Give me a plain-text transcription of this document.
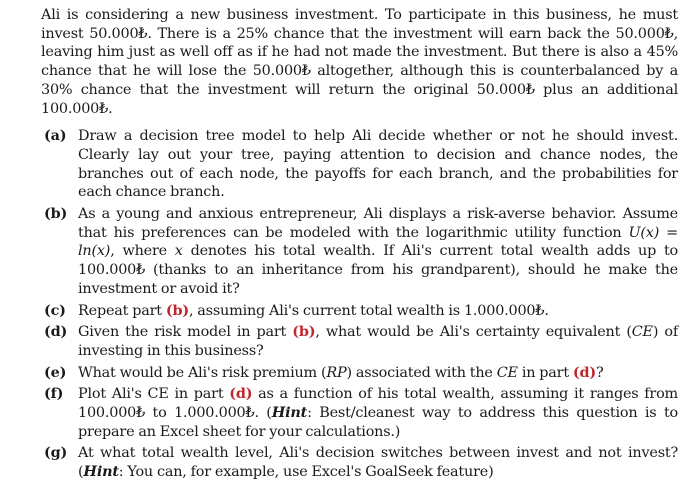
Ali is considering a new business investment. To participate in this business, he must invest 50.000₺. There is a 25% chance that the investment will earn back the 50.000₺, leaving him just as well off as if he had not made the investment. But there is also a 45% chance that he will lose the 50.000₺ altogether, although this is counterbalanced by a 30% chance that the investment will return the original 50.000₺ plus an additional 100.000₺.

(a) Draw a decision tree model to help Ali decide whether or not he should invest. Clearly lay out your tree, paying attention to decision and chance nodes, the branches out of each node, the payoffs for each branch, and the probabilities for each chance branch.
(b) As a young and anxious entrepreneur, Ali displays a risk-averse behavior. Assume that his preferences can be modeled with the logarithmic utility function U(x) = ln(x), where x denotes his total wealth. If Ali's current total wealth adds up to 100.000₺ (thanks to an inheritance from his grandparent), should he make the investment or avoid it?
(c) Repeat part (b), assuming Ali's current total wealth is 1.000.000₺.
(d) Given the risk model in part (b), what would be Ali's certainty equivalent (CE) of investing in this business?
(e) What would be Ali's risk premium (RP) associated with the CE in part (d)?
(f) Plot Ali's CE in part (d) as a function of his total wealth, assuming it ranges from 100.000₺ to 1.000.000₺. (Hint: Best/cleanest way to address this question is to prepare an Excel sheet for your calculations.)
(g) At what total wealth level, Ali's decision switches between invest and not invest? (Hint: You can, for example, use Excel's GoalSeek feature)
